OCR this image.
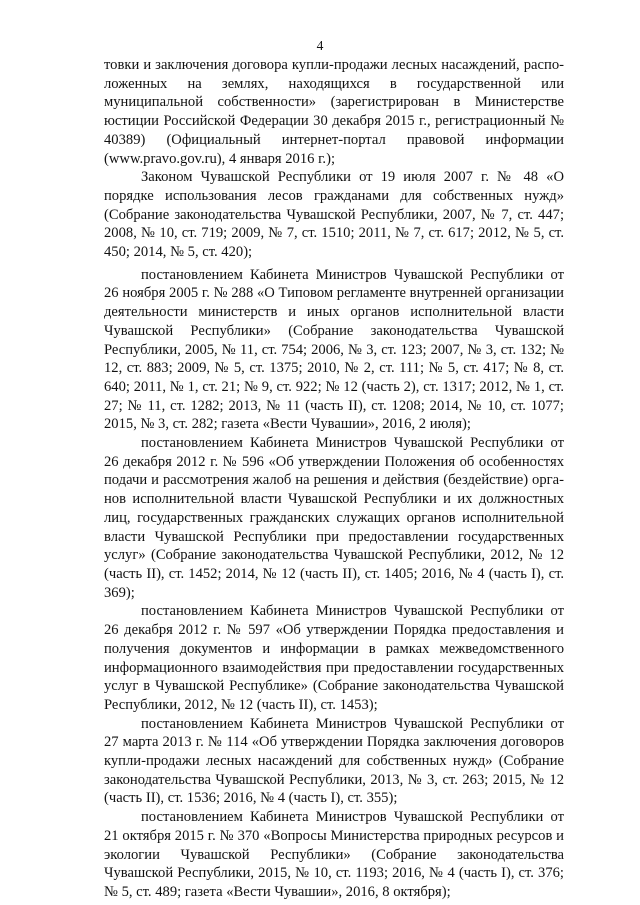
4

товки и заключения договора купли-продажи лесных насаждений, расположенных на землях, находящихся в государственной или муниципальной собственности» (зарегистрирован в Министерстве юстиции Российской Федерации 30 декабря 2015 г., регистрационный № 40389) (Официальный интернет-портал правовой информации (www.pravo.gov.ru), 4 января 2016 г.);

Законом Чувашской Республики от 19 июля 2007 г. № 48 «О порядке использования лесов гражданами для собственных нужд» (Собрание законодательства Чувашской Республики, 2007, № 7, ст. 447; 2008, № 10, ст. 719; 2009, № 7, ст. 1510; 2011, № 7, ст. 617; 2012, № 5, ст. 450; 2014, № 5, ст. 420);

постановлением Кабинета Министров Чувашской Республики от 26 ноября 2005 г. № 288 «О Типовом регламенте внутренней организации деятельности министерств и иных органов исполнительной власти Чувашской Республики» (Собрание законодательства Чувашской Республики, 2005, № 11, ст. 754; 2006, № 3, ст. 123; 2007, № 3, ст. 132; № 12, ст. 883; 2009, № 5, ст. 1375; 2010, № 2, ст. 111; № 5, ст. 417; № 8, ст. 640; 2011, № 1, ст. 21; № 9, ст. 922; № 12 (часть 2), ст. 1317; 2012, № 1, ст. 27; № 11, ст. 1282; 2013, № 11 (часть II), ст. 1208; 2014, № 10, ст. 1077; 2015, № 3, ст. 282; газета «Вести Чувашии», 2016, 2 июля);

постановлением Кабинета Министров Чувашской Республики от 26 декабря 2012 г. № 596 «Об утверждении Положения об особенностях подачи и рассмотрения жалоб на решения и действия (бездействие) органов исполнительной власти Чувашской Республики и их должностных лиц, государственных гражданских служащих органов исполнительной власти Чувашской Республики при предоставлении государственных услуг» (Собрание законодательства Чувашской Республики, 2012, № 12 (часть II), ст. 1452; 2014, № 12 (часть II), ст. 1405; 2016, № 4 (часть I), ст. 369);

постановлением Кабинета Министров Чувашской Республики от 26 декабря 2012 г. № 597 «Об утверждении Порядка предоставления и получения документов и информации в рамках межведомственного информационного взаимодействия при предоставлении государственных услуг в Чувашской Республике» (Собрание законодательства Чувашской Республики, 2012, № 12 (часть II), ст. 1453);

постановлением Кабинета Министров Чувашской Республики от 27 марта 2013 г. № 114 «Об утверждении Порядка заключения договоров купли-продажи лесных насаждений для собственных нужд» (Собрание законодательства Чувашской Республики, 2013, № 3, ст. 263; 2015, № 12 (часть II), ст. 1536; 2016, № 4 (часть I), ст. 355);

постановлением Кабинета Министров Чувашской Республики от 21 октября 2015 г. № 370 «Вопросы Министерства природных ресурсов и экологии Чувашской Республики» (Собрание законодательства Чувашской Республики, 2015, № 10, ст. 1193; 2016, № 4 (часть I), ст. 376; № 5, ст. 489; газета «Вести Чувашии», 2016, 8 октября);
